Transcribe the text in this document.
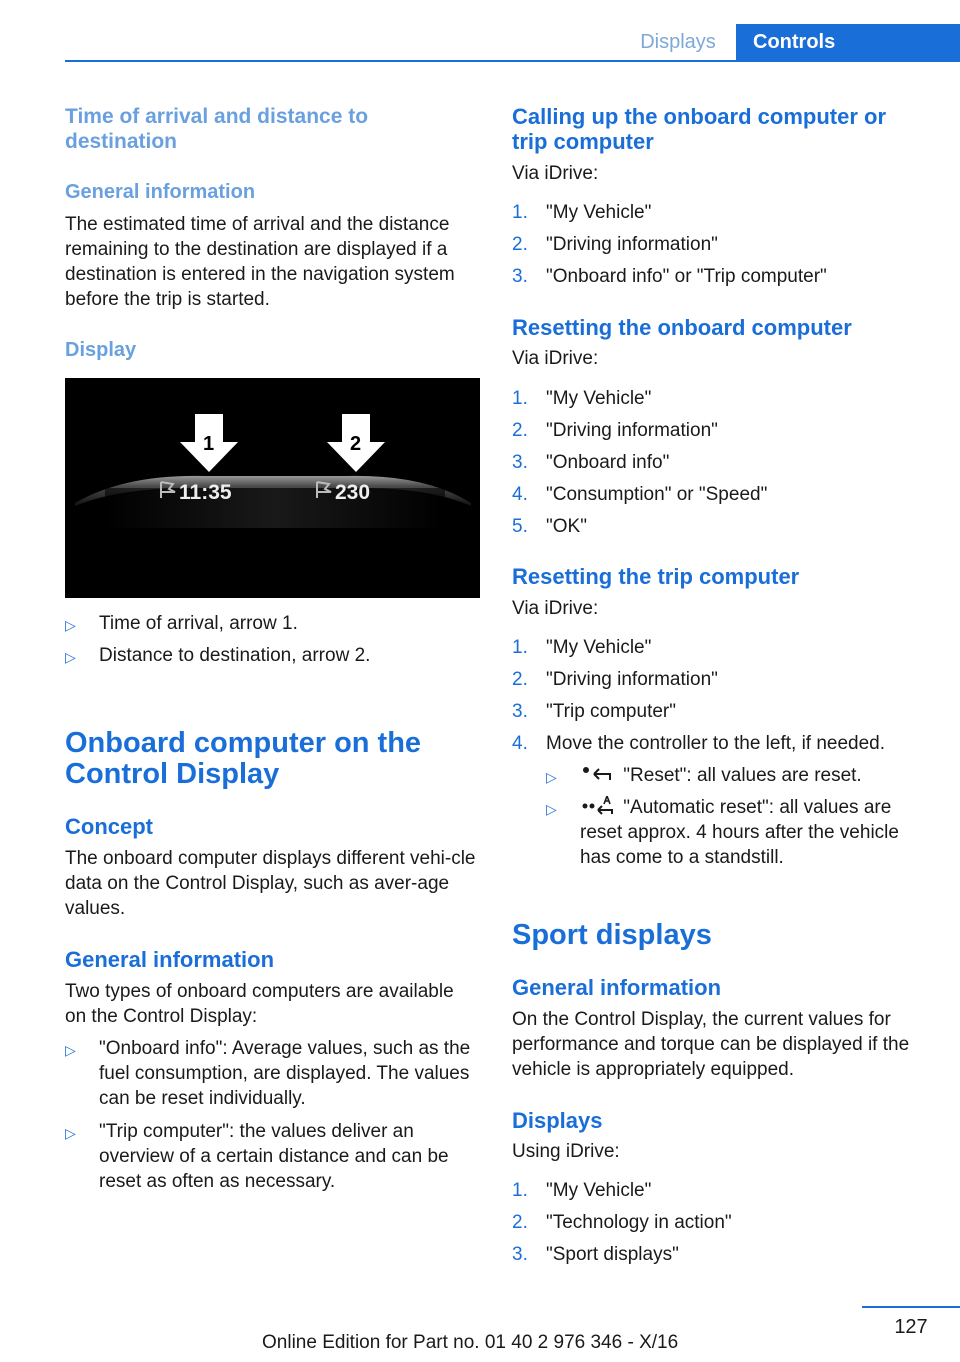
Displays	Controls
Time of arrival and distance to destination
General information
The estimated time of arrival and the distance remaining to the destination are displayed if a destination is entered in the navigation system before the trip is started.
Display
1	2
11:35	230
▷	Time of arrival, arrow 1.
▷	Distance to destination, arrow 2.
Onboard computer on the Control Display
Concept
The onboard computer displays different vehi-cle data on the Control Display, such as aver-age values.
General information
Two types of onboard computers are available on the Control Display:
▷	"Onboard info": Average values, such as the fuel consumption, are displayed. The values can be reset individually.
▷	"Trip computer": the values deliver an overview of a certain distance and can be reset as often as necessary.
Calling up the onboard computer or trip computer
Via iDrive:
1. "My Vehicle"
2. "Driving information"
3. "Onboard info" or "Trip computer"
Resetting the onboard computer
Via iDrive:
1. "My Vehicle"
2. "Driving information"
3. "Onboard info"
4. "Consumption" or "Speed"
5. "OK"
Resetting the trip computer
Via iDrive:
1. "My Vehicle"
2. "Driving information"
3. "Trip computer"
4. Move the controller to the left, if needed.
▷	"Reset": all values are reset.
▷	"Automatic reset": all values are reset approx. 4 hours after the vehicle has come to a standstill.
Sport displays
General information
On the Control Display, the current values for performance and torque can be displayed if the vehicle is appropriately equipped.
Displays
Using iDrive:
1. "My Vehicle"
2. "Technology in action"
3. "Sport displays"
127
Online Edition for Part no. 01 40 2 976 346 - X/16
